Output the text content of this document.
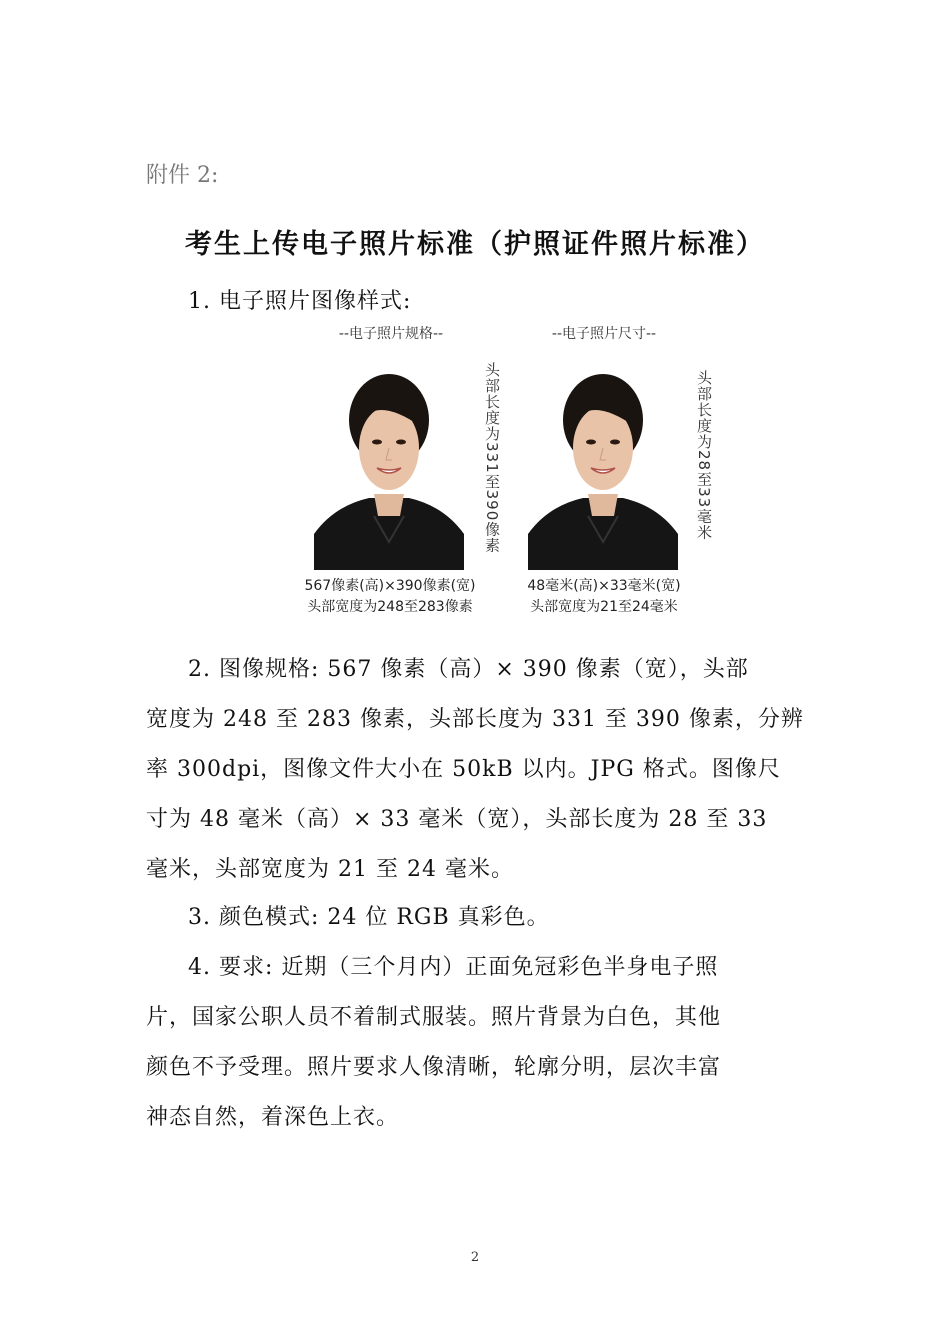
附件 2:
考生上传电子照片标准（护照证件照片标准）
1. 电子照片图像样式:
--电子照片规格--
头部长度为331至390像素
567像素(高)×390像素(宽)
头部宽度为248至283像素
--电子照片尺寸--
头部长度为28至33毫米
48毫米(高)×33毫米(宽)
头部宽度为21至24毫米
2. 图像规格: 567 像素（高）× 390 像素（宽），头部
宽度为 248 至 283 像素，头部长度为 331 至 390 像素，分辨
率 300dpi，图像文件大小在 50kB 以内。JPG 格式。图像尺
寸为 48 毫米（高）× 33 毫米（宽），头部长度为 28 至 33
毫米，头部宽度为 21 至 24 毫米。
3. 颜色模式: 24 位 RGB 真彩色。
4. 要求: 近期（三个月内）正面免冠彩色半身电子照
片，国家公职人员不着制式服装。照片背景为白色，其他
颜色不予受理。照片要求人像清晰，轮廓分明，层次丰富
神态自然，着深色上衣。
2
